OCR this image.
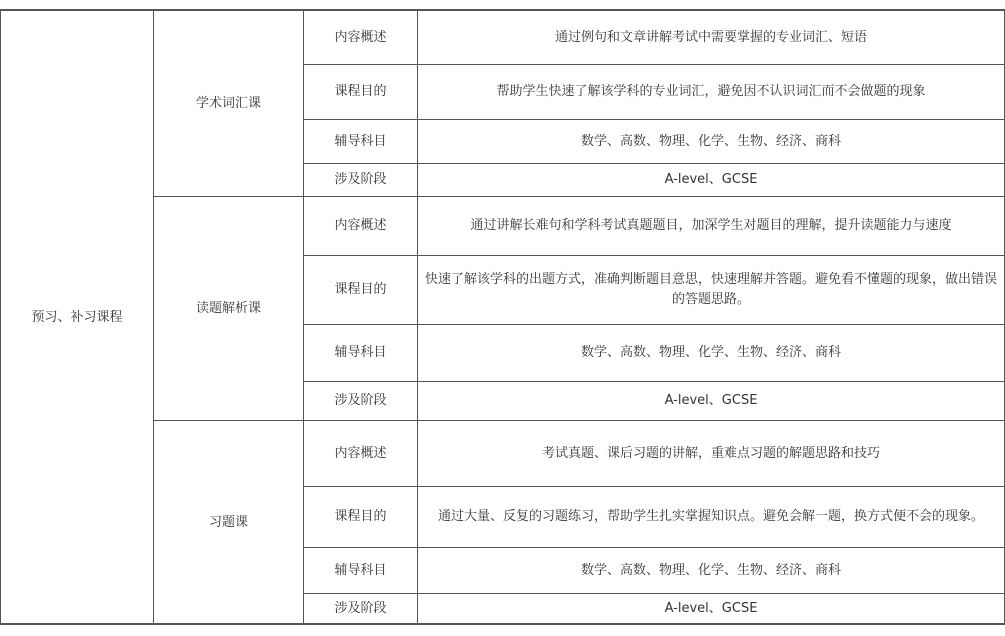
预习、补习课程	学术词汇课	内容概述	通过例句和文章讲解考试中需要掌握的专业词汇、短语
		课程目的	帮助学生快速了解该学科的专业词汇，避免因不认识词汇而不会做题的现象
		辅导科目	数学、高数、物理、化学、生物、经济、商科
		涉及阶段	A-level、GCSE
	读题解析课	内容概述	通过讲解长难句和学科考试真题题目，加深学生对题目的理解，提升读题能力与速度
		课程目的	快速了解该学科的出题方式，准确判断题目意思，快速理解并答题。避免看不懂题的现象，做出错误的答题思路。
		辅导科目	数学、高数、物理、化学、生物、经济、商科
		涉及阶段	A-level、GCSE
	习题课	内容概述	考试真题、课后习题的讲解，重难点习题的解题思路和技巧
		课程目的	通过大量、反复的习题练习，帮助学生扎实掌握知识点。避免会解一题，换方式便不会的现象。
		辅导科目	数学、高数、物理、化学、生物、经济、商科
		涉及阶段	A-level、GCSE
